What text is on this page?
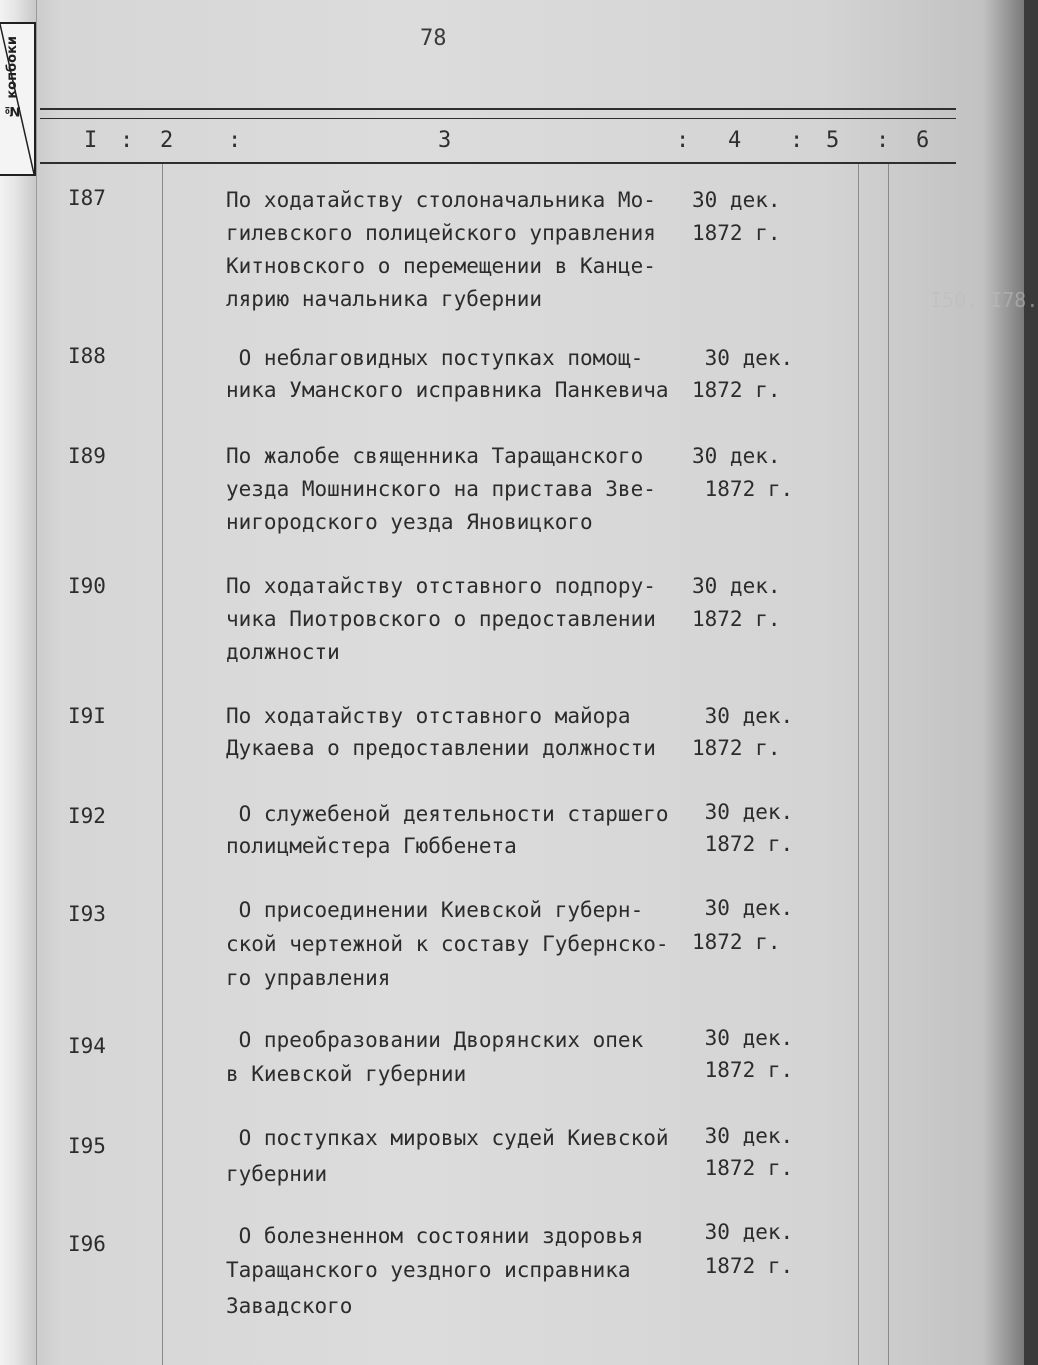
№ копбоки	78
I50, I78.

I : 2 :	3	: 4 : 5 : 6
I87	По ходатайству столоначальника Мо-
гилевского полицейского управления
Китновского о перемещении в Канце-
лярию начальника губернии
30 дек.
1872 г.
I88	О неблаговидных поступках помощ-
ника Уманского исправника Панкевича
30 дек.
1872 г.
I89	По жалобе священника Таращанского
уезда Мошнинского на пристава Зве-
нигородского уезда Яновицкого
30 дек.
1872 г.
I90	По ходатайству отставного подпору-
чика Пиотровского о предоставлении
должности
30 дек.
1872 г.
I9I	По ходатайству отставного майора
Дукаева о предоставлении должности
30 дек.
1872 г.
I92	О служебеной деятельности старшего
полицмейстера Гюббенета
30 дек.
1872 г.
I93	О присоединении Киевской губерн-
ской чертежной к составу Губернско-
го управления
30 дек.
1872 г.
I94	О преобразовании Дворянских опек
в Киевской губернии
30 дек.
1872 г.
I95	О поступках мировых судей Киевской
губернии
30 дек.
1872 г.
I96	О болезненном состоянии здоровья
Таращанского уездного исправника
Завадского
30 дек.
1872 г.
